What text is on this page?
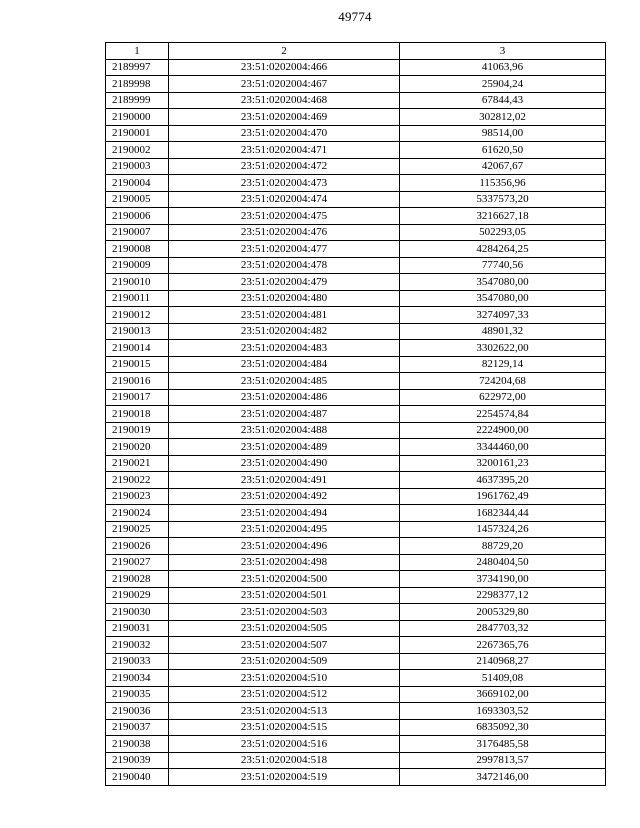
49774
1	2	3
2189997	23:51:0202004:466	41063,96
2189998	23:51:0202004:467	25904,24
2189999	23:51:0202004:468	67844,43
2190000	23:51:0202004:469	302812,02
2190001	23:51:0202004:470	98514,00
2190002	23:51:0202004:471	61620,50
2190003	23:51:0202004:472	42067,67
2190004	23:51:0202004:473	115356,96
2190005	23:51:0202004:474	5337573,20
2190006	23:51:0202004:475	3216627,18
2190007	23:51:0202004:476	502293,05
2190008	23:51:0202004:477	4284264,25
2190009	23:51:0202004:478	77740,56
2190010	23:51:0202004:479	3547080,00
2190011	23:51:0202004:480	3547080,00
2190012	23:51:0202004:481	3274097,33
2190013	23:51:0202004:482	48901,32
2190014	23:51:0202004:483	3302622,00
2190015	23:51:0202004:484	82129,14
2190016	23:51:0202004:485	724204,68
2190017	23:51:0202004:486	622972,00
2190018	23:51:0202004:487	2254574,84
2190019	23:51:0202004:488	2224900,00
2190020	23:51:0202004:489	3344460,00
2190021	23:51:0202004:490	3200161,23
2190022	23:51:0202004:491	4637395,20
2190023	23:51:0202004:492	1961762,49
2190024	23:51:0202004:494	1682344,44
2190025	23:51:0202004:495	1457324,26
2190026	23:51:0202004:496	88729,20
2190027	23:51:0202004:498	2480404,50
2190028	23:51:0202004:500	3734190,00
2190029	23:51:0202004:501	2298377,12
2190030	23:51:0202004:503	2005329,80
2190031	23:51:0202004:505	2847703,32
2190032	23:51:0202004:507	2267365,76
2190033	23:51:0202004:509	2140968,27
2190034	23:51:0202004:510	51409,08
2190035	23:51:0202004:512	3669102,00
2190036	23:51:0202004:513	1693303,52
2190037	23:51:0202004:515	6835092,30
2190038	23:51:0202004:516	3176485,58
2190039	23:51:0202004:518	2997813,57
2190040	23:51:0202004:519	3472146,00
